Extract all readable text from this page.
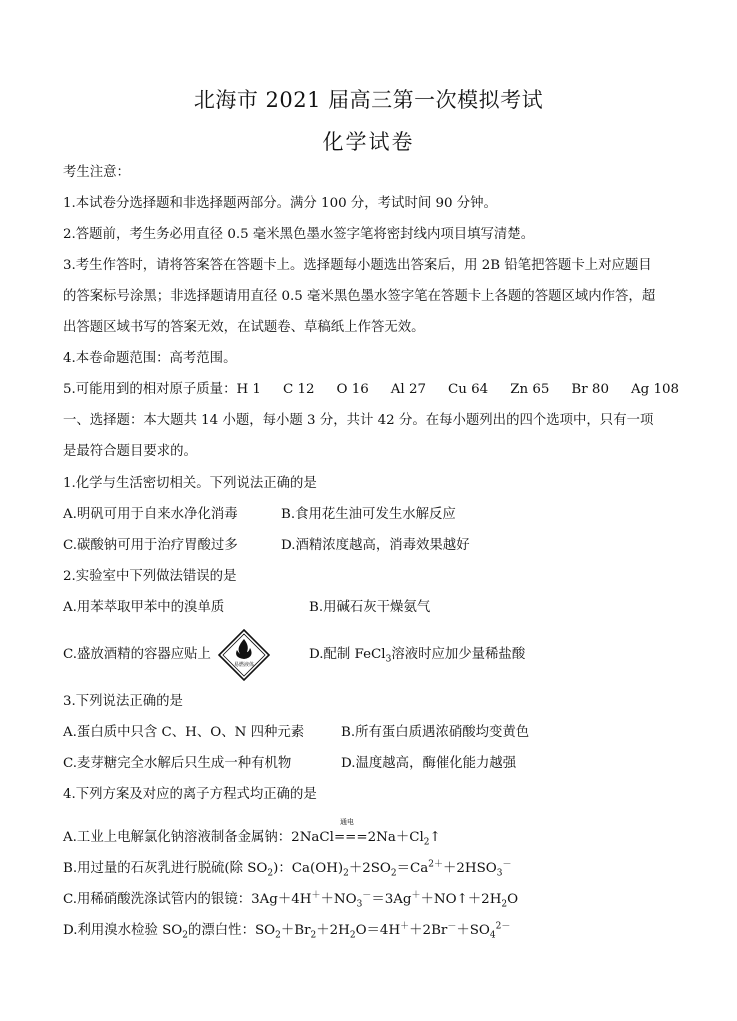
北海市 2021 届高三第一次模拟考试
化学试卷
考生注意：
1.本试卷分选择题和非选择题两部分。满分 100 分，考试时间 90 分钟。
2.答题前，考生务必用直径 0.5 毫米黑色墨水签字笔将密封线内项目填写清楚。
3.考生作答时，请将答案答在答题卡上。选择题每小题选出答案后，用 2B 铅笔把答题卡上对应题目
的答案标号涂黑；非选择题请用直径 0.5 毫米黑色墨水签字笔在答题卡上各题的答题区域内作答，超
出答题区域书写的答案无效，在试题卷、草稿纸上作答无效。
4.本卷命题范围：高考范围。
5.可能用到的相对原子质量：H 1 C 12 O 16 Al 27 Cu 64 Zn 65 Br 80 Ag 108
一、选择题：本大题共 14 小题，每小题 3 分，共计 42 分。在每小题列出的四个选项中，只有一项
是最符合题目要求的。
1.化学与生活密切相关。下列说法正确的是
A.明矾可用于自来水净化消毒	B.食用花生油可发生水解反应
C.碳酸钠可用于治疗胃酸过多	D.酒精浓度越高，消毒效果越好
2.实验室中下列做法错误的是
A.用苯萃取甲苯中的溴单质	B.用碱石灰干燥氨气
C.盛放酒精的容器应贴上
易燃液体
D.配制 FeCl$_3$溶液时应加少量稀盐酸
3.下列说法正确的是
A.蛋白质中只含 C、H、O、N 四种元素	B.所有蛋白质遇浓硝酸均变黄色
C.麦芽糖完全水解后只生成一种有机物	D.温度越高，酶催化能力越强
4.下列方案及对应的离子方程式均正确的是
通电
A.工业上电解氯化钠溶液制备金属钠：$2NaCl===2Na+Cl_2↑$
B.用过量的石灰乳进行脱硫(除 $SO_2$)：$Ca(OH)_2+2SO_2=Ca^{2+}+2HSO_3^-$
C.用稀硝酸洗涤试管内的银镜：$3Ag+4H^++NO_3^-=3Ag^++NO↑+2H_2O$
D.利用溴水检验 $SO_2$的漂白性：$SO_2+Br_2+2H_2O=4H^++2Br^-+SO_4^{2-}$
